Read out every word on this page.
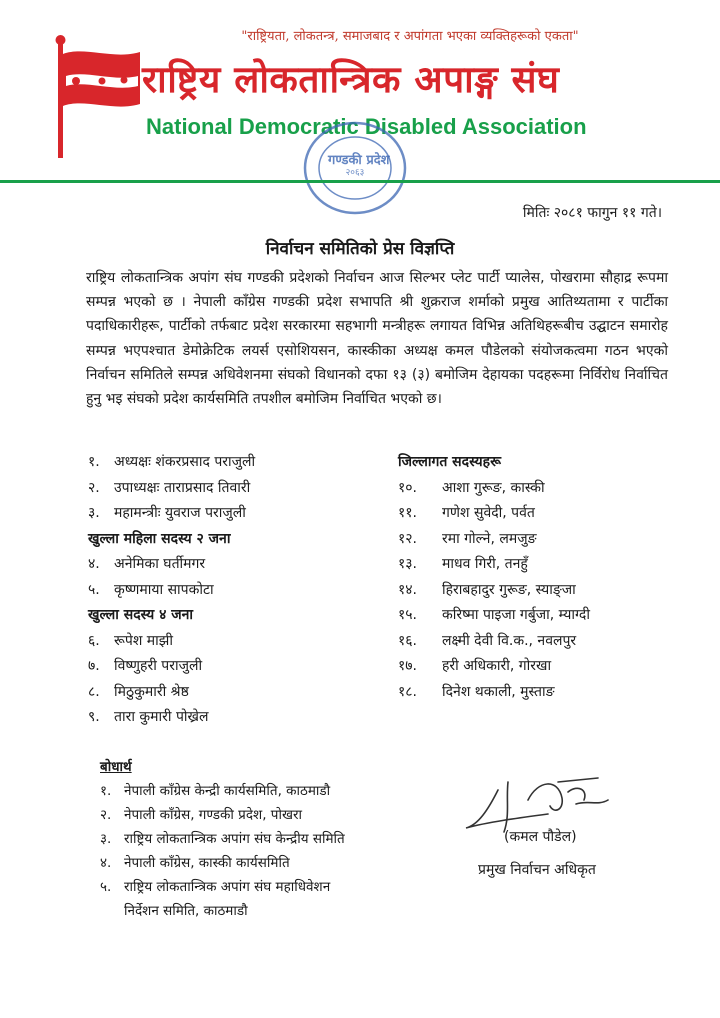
"राष्ट्रियता, लोकतन्त्र, समाजबाद र अपांगता भएका व्यक्तिहरूको एकता"
राष्ट्रिय लोकतान्त्रिक अपाङ्ग संघ
National Democratic Disabled Association
२०६३
गण्डकी प्रदेश
मितिः २०८१ फागुन ११ गते।
निर्वाचन समितिको प्रेस विज्ञप्ति
राष्ट्रिय लोकतान्त्रिक अपांग संघ गण्डकी प्रदेशको निर्वाचन आज सिल्भर प्लेट पार्टी प्यालेस, पोखरामा सौहाद्र रूपमा सम्पन्न भएको छ । नेपाली काँग्रेस गण्डकी प्रदेश सभापति श्री शुक्रराज शर्माको प्रमुख आतिथ्यतामा र पार्टीका पदाधिकारीहरू, पार्टीको तर्फबाट प्रदेश सरकारमा सहभागी मन्त्रीहरू लगायत विभिन्न अतिथिहरूबीच उद्घाटन समारोह सम्पन्न भएपश्चात डेमोक्रेटिक लयर्स एसोशियसन, कास्कीका अध्यक्ष कमल पौडेलको संयोजकत्वमा गठन भएको निर्वाचन समितिले सम्पन्न अधिवेशनमा संघको विधानको दफा १३ (३) बमोजिम देहायका पदहरूमा निर्विरोध निर्वाचित हुनु भइ संघको प्रदेश कार्यसमिति तपशील बमोजिम निर्वाचित भएको छ।
१. अध्यक्षः शंकरप्रसाद पराजुली
२. उपाध्यक्षः ताराप्रसाद तिवारी
३. महामन्त्रीः युवराज पराजुली
खुल्ला महिला सदस्य २ जना
४. अनेमिका घर्तीमगर
५. कृष्णमाया सापकोटा
खुल्ला सदस्य ४ जना
६. रूपेश माझी
७. विष्णुहरी पराजुली
८. मिठुकुमारी श्रेष्ठ
९. तारा कुमारी पोख्रेल
जिल्लागत सदस्यहरू
१०. आशा गुरूङ, कास्की
११. गणेश सुवेदी, पर्वत
१२. रमा गोल्ने, लमजुङ
१३. माधव गिरी, तनहुँ
१४. हिराबहादुर गुरूङ, स्याङ्जा
१५. करिष्मा पाइजा गर्बुजा, म्याग्दी
१६. लक्ष्मी देवी वि.क., नवलपुर
१७. हरी अधिकारी, गोरखा
१८. दिनेश थकाली, मुस्ताङ
बोधार्थ
१. नेपाली काँग्रेस केन्द्री कार्यसमिति, काठमाडौ
२. नेपाली काँग्रेस, गण्डकी प्रदेश, पोखरा
३. राष्ट्रिय लोकतान्त्रिक अपांग संघ केन्द्रीय समिति
४. नेपाली काँग्रेस, कास्की कार्यसमिति
५. राष्ट्रिय लोकतान्त्रिक अपांग संघ महाधिवेशन
निर्देशन समिति, काठमाडौ
(कमल पौडेल)
प्रमुख निर्वाचन अधिकृत
